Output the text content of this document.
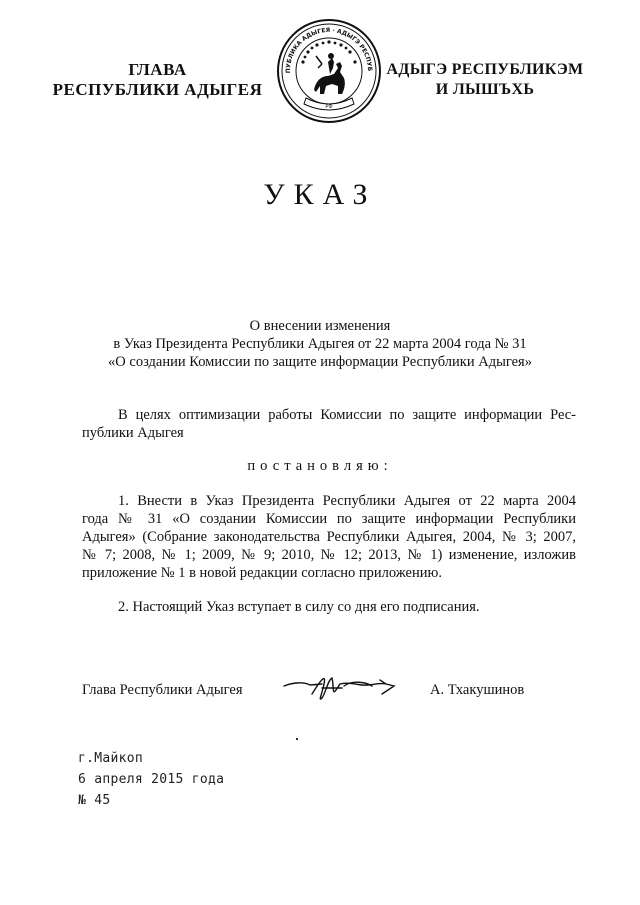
ГЛАВА
РЕСПУБЛИКИ АДЫГЕЯ
РФ
ПУБЛИКА АДЫГЕЯ · АДЫГЭ РЕСПУБ АДЫГЭ РЕСПУБЛИКЭМ
И ЛЫШЪХЬ
УКАЗ
О внесении изменения
в Указ Президента Республики Адыгея от 22 марта 2004 года № 31
«О создании Комиссии по защите информации Республики Адыгея»
В целях оптимизации работы Комиссии по защите информации Рес-
публики Адыгея
постановляю:
1. Внести в Указ Президента Республики Адыгея от 22 марта 2004
года № 31 «О создании Комиссии по защите информации Республики
Адыгея» (Собрание законодательства Республики Адыгея, 2004, № 3; 2007,
№ 7; 2008, № 1; 2009, № 9; 2010, № 12; 2013, № 1) изменение, изложив
приложение № 1 в новой редакции согласно приложению.
2. Настоящий Указ вступает в силу со дня его подписания.
Глава Республики Адыгея	А. Тхакушинов
г.Майкоп
6 апреля 2015 года
№ 45
